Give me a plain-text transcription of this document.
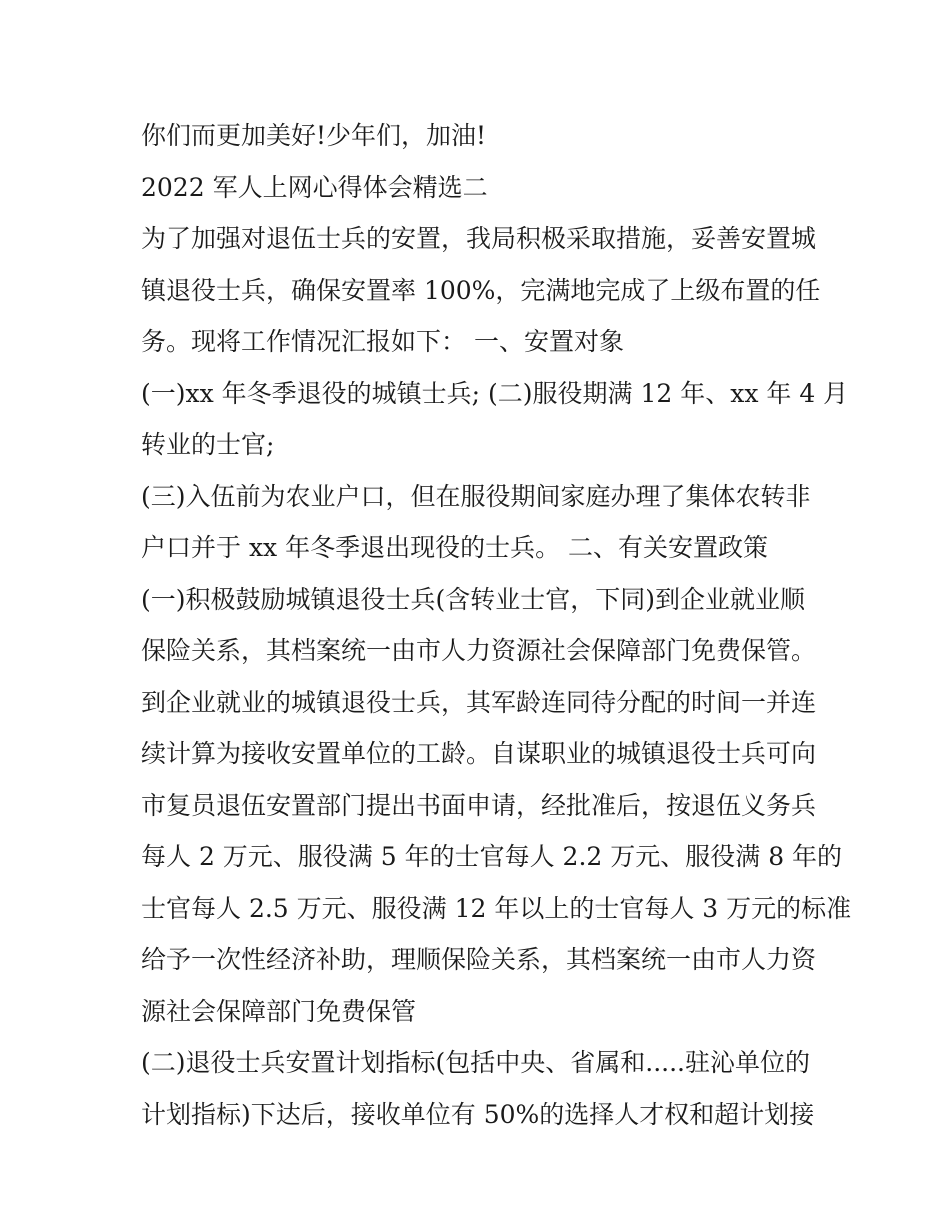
你们而更加美好!少年们，加油!
2022 军人上网心得体会精选二
为了加强对退伍士兵的安置，我局积极采取措施，妥善安置城
镇退役士兵，确保安置率 100%，完满地完成了上级布置的任
务。现将工作情况汇报如下： 一、安置对象
(一)xx 年冬季退役的城镇士兵; (二)服役期满 12 年、xx 年 4 月
转业的士官;
(三)入伍前为农业户口，但在服役期间家庭办理了集体农转非
户口并于 xx 年冬季退出现役的士兵。 二、有关安置政策
(一)积极鼓励城镇退役士兵(含转业士官，下同)到企业就业顺
保险关系，其档案统一由市人力资源社会保障部门免费保管。
到企业就业的城镇退役士兵，其军龄连同待分配的时间一并连
续计算为接收安置单位的工龄。自谋职业的城镇退役士兵可向
市复员退伍安置部门提出书面申请，经批准后，按退伍义务兵
每人 2 万元、服役满 5 年的士官每人 2.2 万元、服役满 8 年的
士官每人 2.5 万元、服役满 12 年以上的士官每人 3 万元的标准
给予一次性经济补助，理顺保险关系，其档案统一由市人力资
源社会保障部门免费保管
(二)退役士兵安置计划指标(包括中央、省属和.....驻沁单位的
计划指标)下达后，接收单位有 50%的选择人才权和超计划接
